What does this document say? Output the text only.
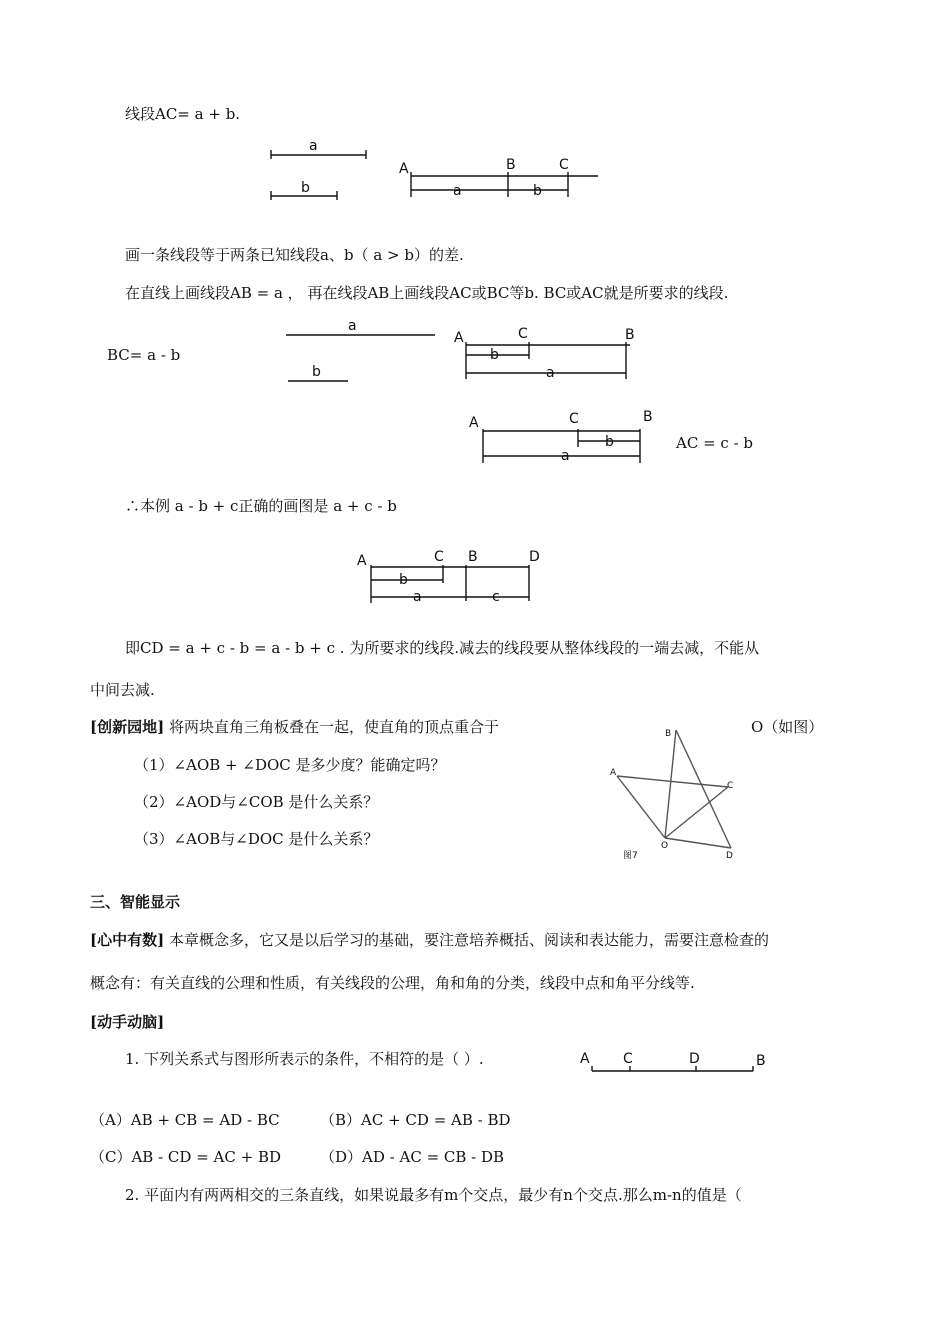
线段AC= a + b.
a
b
A	B	C
a	b
画一条线段等于两条已知线段a、b（ a > b）的差.
在直线上画线段AB = a ， 再在线段AB上画线段AC或BC等b. BC或AC就是所要求的线段.
BC= a - b
a
b
A	C	B
b
a
A	C	B
b
a
AC = c - b
∴本例 a - b + c正确的画图是 a + c - b
A	C B	D
b
a	c
即CD = a + c - b = a - b + c . 为所要求的线段.减去的线段要从整体线段的一端去减，不能从
中间去减.
[创新园地] 将两块直角三角板叠在一起，使直角的顶点重合于	O（如图）
（1）∠AOB + ∠DOC 是多少度？能确定吗？
（2）∠AOD与∠COB 是什么关系？
（3）∠AOB与∠DOC 是什么关系？
B
A
C
O
D
图7
三、智能显示
[心中有数] 本章概念多，它又是以后学习的基础，要注意培养概括、阅读和表达能力，需要注意检查的
概念有：有关直线的公理和性质，有关线段的公理，角和角的分类，线段中点和角平分线等.
[动手动脑]
1. 下列关系式与图形所表示的条件，不相符的是（ ）.	A C	D	B
（A）AB + CB = AD - BC	（B）AC + CD = AB - BD
（C）AB - CD = AC + BD	（D）AD - AC = CB - DB
2. 平面内有两两相交的三条直线，如果说最多有m个交点，最少有n个交点.那么m-n的值是（
